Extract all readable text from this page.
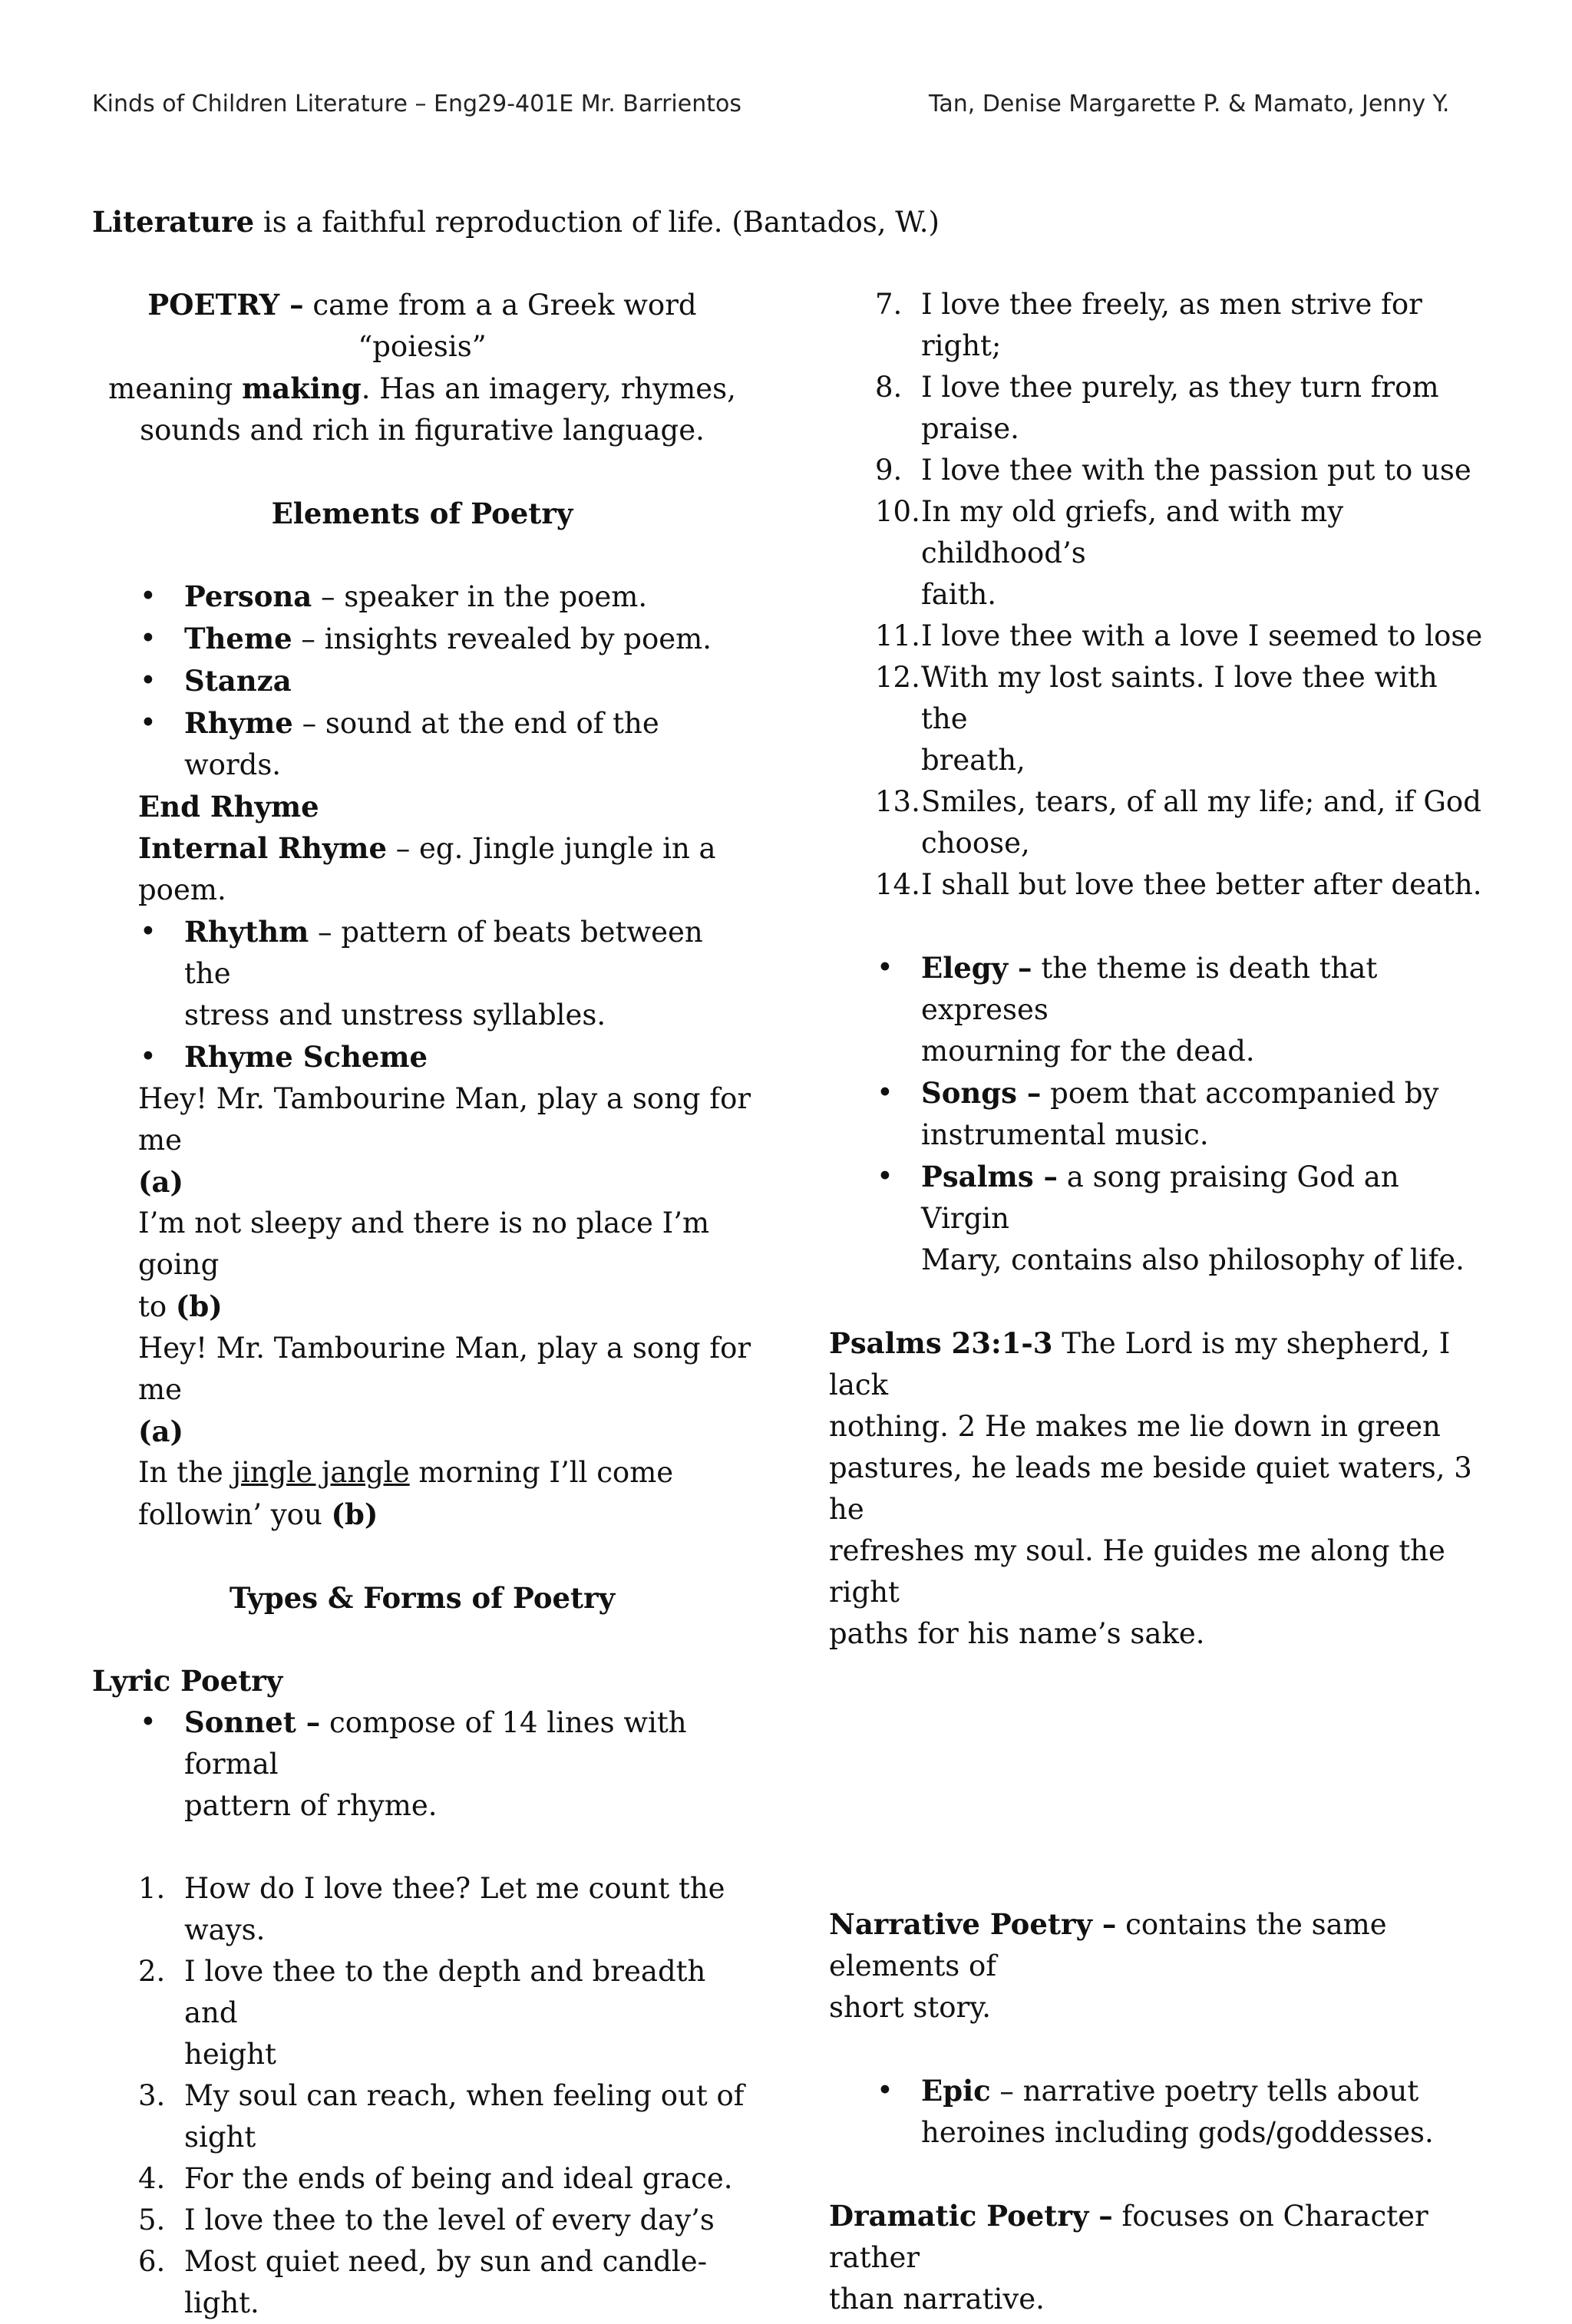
Kinds of Children Literature – Eng29-401E Mr. Barrientos	Tan, Denise Margarette P. & Mamato, Jenny Y.
Literature is a faithful reproduction of life. (Bantados, W.)

POETRY – came from a a Greek word “poiesis”

meaning making. Has an imagery, rhymes,

sounds and rich in figurative language.

Elements of Poetry

• Persona – speaker in the poem.
• Theme – insights revealed by poem.
• Stanza
• Rhyme – sound at the end of the words.

End Rhyme

Internal Rhyme – eg. Jingle jungle in a poem.

• Rhythm – pattern of beats between the
stress and unstress syllables.
• Rhyme Scheme

Hey! Mr. Tambourine Man, play a song for me

(a)

I’m not sleepy and there is no place I’m going

to (b)

Hey! Mr. Tambourine Man, play a song for me

(a)

In the jingle jangle morning I’ll come

followin’ you (b)

Types & Forms of Poetry

Lyric Poetry

• Sonnet – compose of 14 lines with formal
pattern of rhyme.
1. How do I love thee? Let me count the
ways.
2. I love thee to the depth and breadth and
height
3. My soul can reach, when feeling out of
sight
4. For the ends of being and ideal grace.
5. I love thee to the level of every day’s
6. Most quiet need, by sun and candle-light.
7. I love thee freely, as men strive for right;
8. I love thee purely, as they turn from
praise.
9. I love thee with the passion put to use
10. In my old griefs, and with my childhood’s
faith.
11. I love thee with a love I seemed to lose
12. With my lost saints. I love thee with the
breath,
13. Smiles, tears, of all my life; and, if God
choose,
14. I shall but love thee better after death.
• Elegy – the theme is death that expreses
mourning for the dead.
• Songs – poem that accompanied by
instrumental music.
• Psalms – a song praising God an Virgin
Mary, contains also philosophy of life.

Psalms 23:1-3 The Lord is my shepherd, I lack

nothing. 2 He makes me lie down in green

pastures, he leads me beside quiet waters, 3 he

refreshes my soul. He guides me along the right

paths for his name’s sake.

Narrative Poetry – contains the same elements of

short story.

• Epic – narrative poetry tells about
heroines including gods/goddesses.

Dramatic Poetry – focuses on Character rather

than narrative.
